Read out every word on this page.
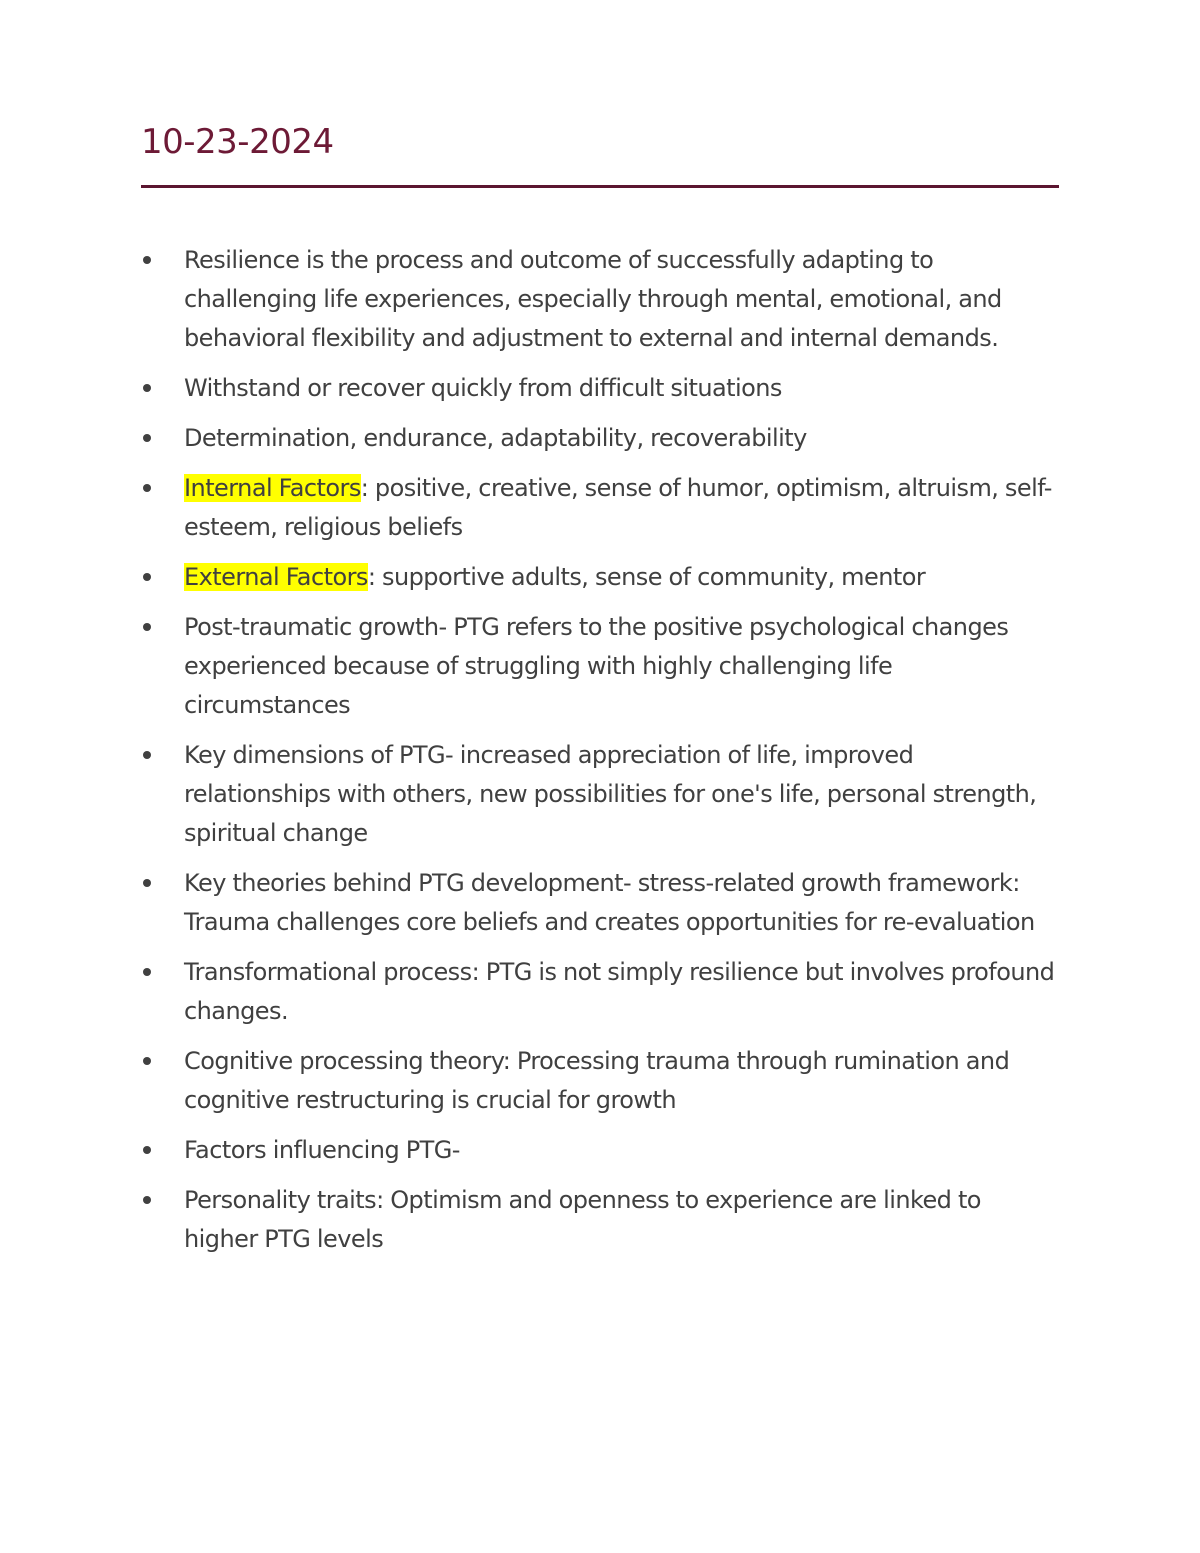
10-23-2024
Resilience is the process and outcome of successfully adapting to challenging life experiences, especially through mental, emotional, and behavioral flexibility and adjustment to external and internal demands.
Withstand or recover quickly from difficult situations
Determination, endurance, adaptability, recoverability
Internal Factors: positive, creative, sense of humor, optimism, altruism, self-esteem, religious beliefs
External Factors: supportive adults, sense of community, mentor
Post-traumatic growth- PTG refers to the positive psychological changes experienced because of struggling with highly challenging life circumstances
Key dimensions of PTG- increased appreciation of life, improved relationships with others, new possibilities for one's life, personal strength, spiritual change
Key theories behind PTG development- stress-related growth framework: Trauma challenges core beliefs and creates opportunities for re-evaluation
Transformational process: PTG is not simply resilience but involves profound changes.
Cognitive processing theory: Processing trauma through rumination and cognitive restructuring is crucial for growth
Factors influencing PTG-
Personality traits: Optimism and openness to experience are linked to higher PTG levels
